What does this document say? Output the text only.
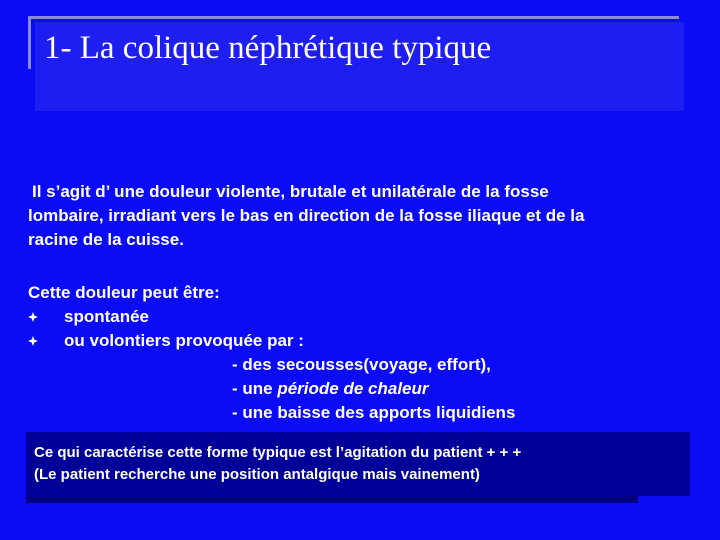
1- La colique néphrétique typique

Il s’agit d’ une douleur violente, brutale et unilatérale de la fosse
lombaire, irradiant vers le bas en direction de la fosse iliaque et de la
racine de la cuisse.

Cette douleur peut être:

spontanée
ou volontiers provoquée par :
- des secousses(voyage, effort),
- une période de chaleur
- une baisse des apports liquidiens

Ce qui caractérise cette forme typique est l’agitation du patient + + +
(Le patient recherche une position antalgique mais vainement)
